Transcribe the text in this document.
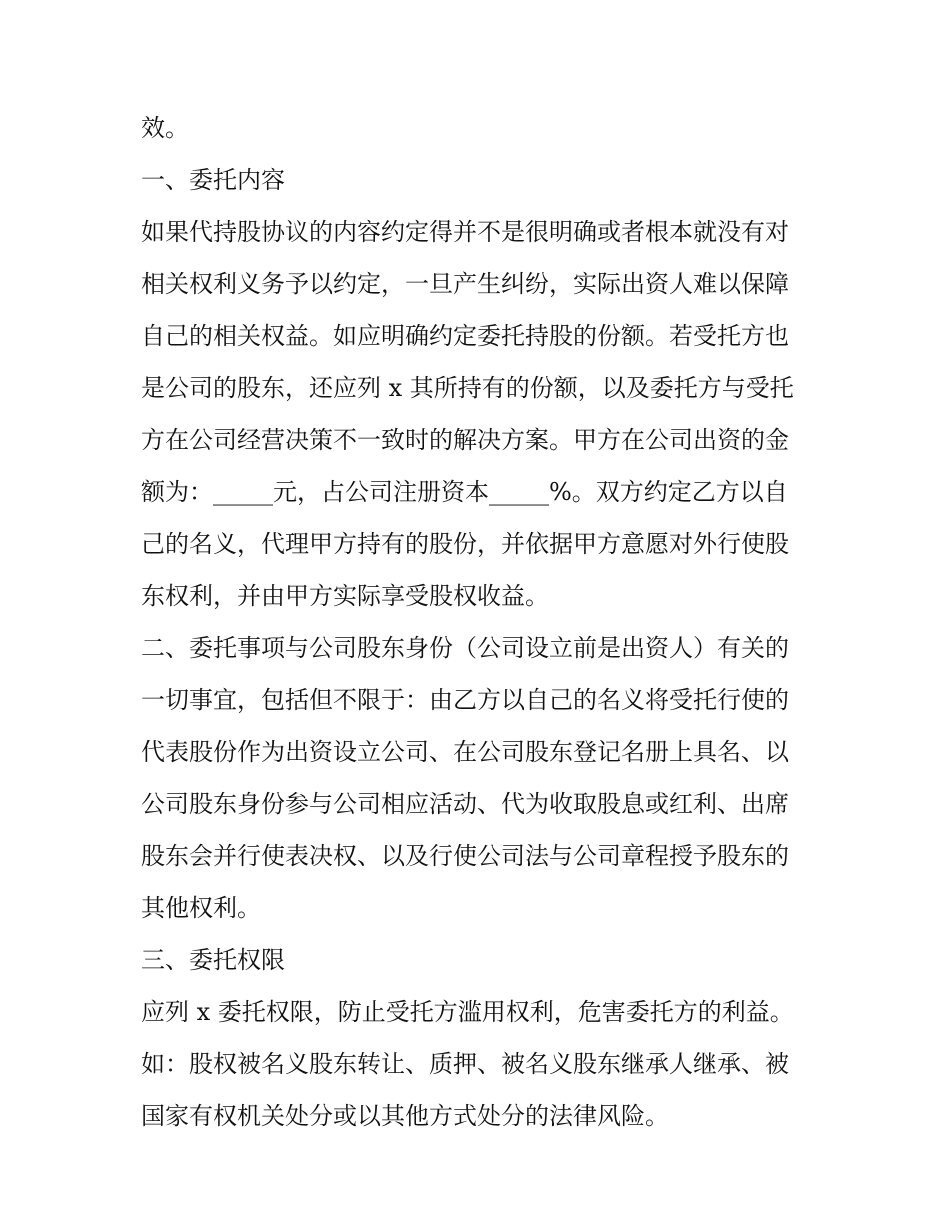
效。

一、委托内容

如果代持股协议的内容约定得并不是很明确或者根本就没有对

相关权利义务予以约定，一旦产生纠纷，实际出资人难以保障

自己的相关权益。如应明确约定委托持股的份额。若受托方也

是公司的股东，还应列 x 其所持有的份额，以及委托方与受托

方在公司经营决策不一致时的解决方案。甲方在公司出资的金

额为：_____元，占公司注册资本_____%。双方约定乙方以自

己的名义，代理甲方持有的股份，并依据甲方意愿对外行使股

东权利，并由甲方实际享受股权收益。

二、委托事项与公司股东身份（公司设立前是出资人）有关的

一切事宜，包括但不限于：由乙方以自己的名义将受托行使的

代表股份作为出资设立公司、在公司股东登记名册上具名、以

公司股东身份参与公司相应活动、代为收取股息或红利、出席

股东会并行使表决权、以及行使公司法与公司章程授予股东的

其他权利。

三、委托权限

应列 x 委托权限，防止受托方滥用权利，危害委托方的利益。

如：股权被名义股东转让、质押、被名义股东继承人继承、被

国家有权机关处分或以其他方式处分的法律风险。
